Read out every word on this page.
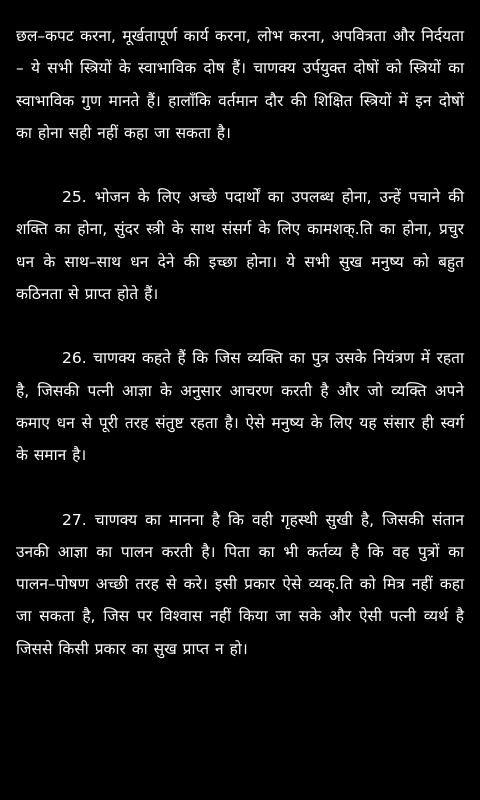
छल–कपट करना, मूर्खतापूर्ण कार्य करना, लोभ करना, अपवित्रता और निर्दयता – ये सभी स्त्रियों के स्वाभाविक दोष हैं। चाणक्य उर्पयुक्त दोषों को स्त्रियों का स्वाभाविक गुण मानते हैं। हालाँकि वर्तमान दौर की शिक्षित स्त्रियों में इन दोषों का होना सही नहीं कहा जा सकता है।

25. भोजन के लिए अच्छे पदार्थों का उपलब्ध होना, उन्हें पचाने की शक्ति का होना, सुंदर स्त्री के साथ संसर्ग के लिए कामशक्.ति का होना, प्रचुर धन के साथ–साथ धन देने की इच्छा होना। ये सभी सुख मनुष्य को बहुत कठिनता से प्राप्त होते हैं।

26. चाणक्य कहते हैं कि जिस व्यक्ति का पुत्र उसके नियंत्रण में रहता है, जिसकी पत्नी आज्ञा के अनुसार आचरण करती है और जो व्यक्ति अपने कमाए धन से पूरी तरह संतुष्ट रहता है। ऐसे मनुष्य के लिए यह संसार ही स्वर्ग के समान है।

27. चाणक्य का मानना है कि वही गृहस्थी सुखी है, जिसकी संतान उनकी आज्ञा का पालन करती है। पिता का भी कर्तव्य है कि वह पुत्रों का पालन–पोषण अच्छी तरह से करे। इसी प्रकार ऐसे व्यक्.ति को मित्र नहीं कहा जा सकता है, जिस पर विश्वास नहीं किया जा सके और ऐसी पत्नी व्यर्थ है जिससे किसी प्रकार का सुख प्राप्त न हो।
